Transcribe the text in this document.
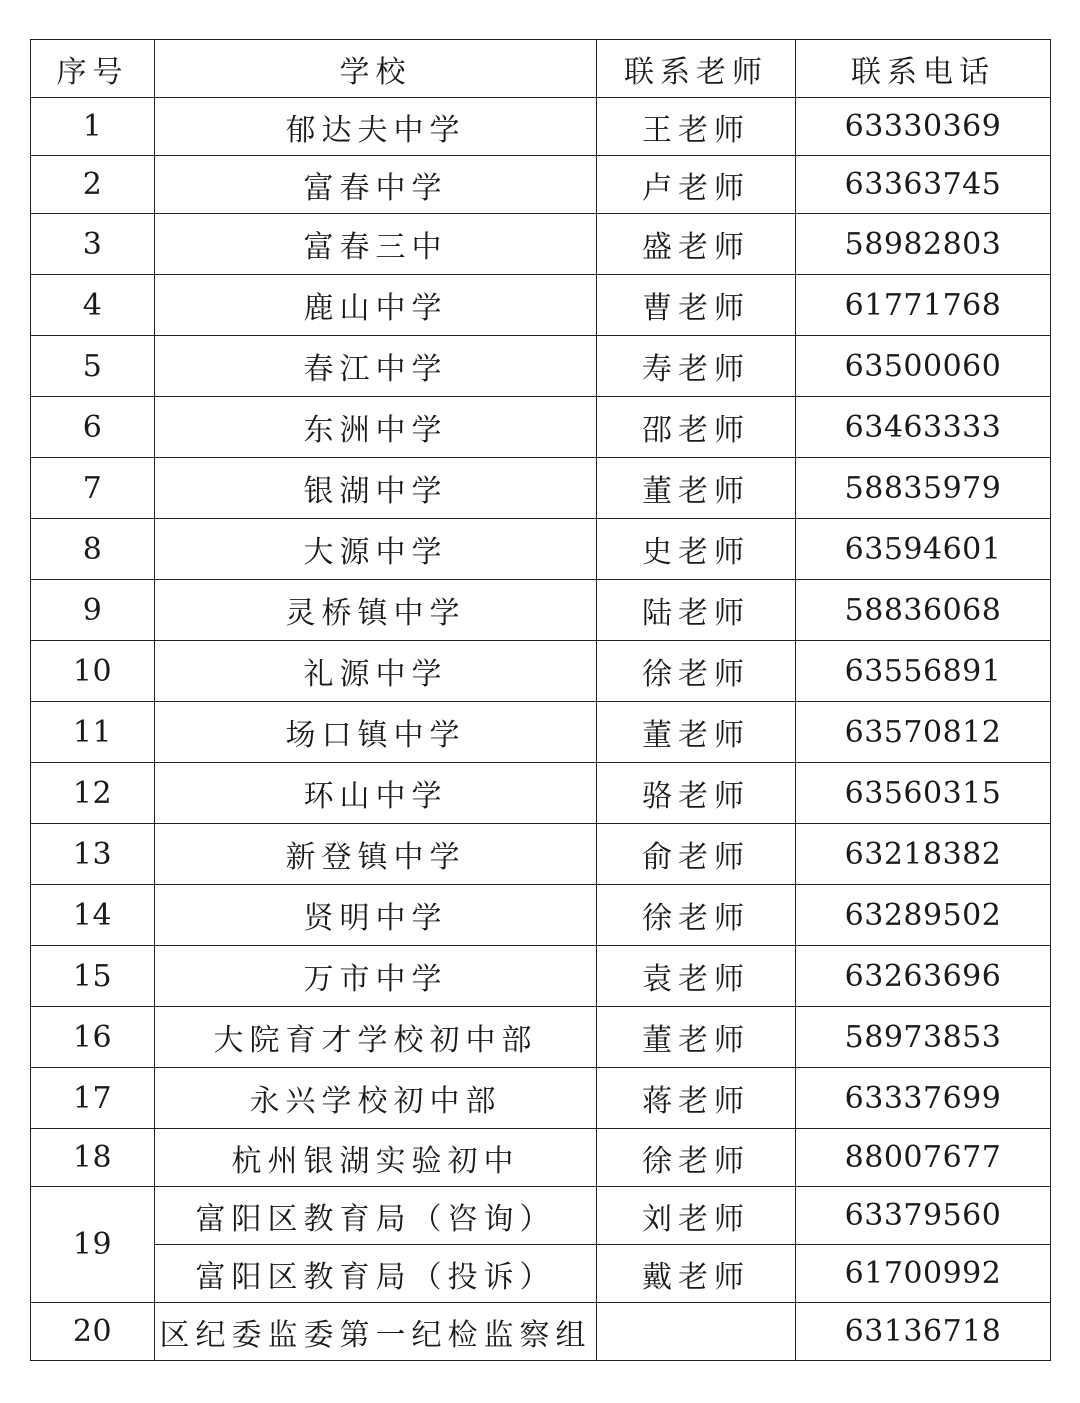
序号	学校	联系老师	联系电话
1	郁达夫中学	王老师	63330369
2	富春中学	卢老师	63363745
3	富春三中	盛老师	58982803
4	鹿山中学	曹老师	61771768
5	春江中学	寿老师	63500060
6	东洲中学	邵老师	63463333
7	银湖中学	董老师	58835979
8	大源中学	史老师	63594601
9	灵桥镇中学	陆老师	58836068
10	礼源中学	徐老师	63556891
11	场口镇中学	董老师	63570812
12	环山中学	骆老师	63560315
13	新登镇中学	俞老师	63218382
14	贤明中学	徐老师	63289502
15	万市中学	袁老师	63263696
16	大院育才学校初中部	董老师	58973853
17	永兴学校初中部	蒋老师	63337699
18	杭州银湖实验初中	徐老师	88007677
19	富阳区教育局（咨询）	刘老师	63379560
	富阳区教育局（投诉）	戴老师	61700992
20	区纪委监委第一纪检监察组		63136718
